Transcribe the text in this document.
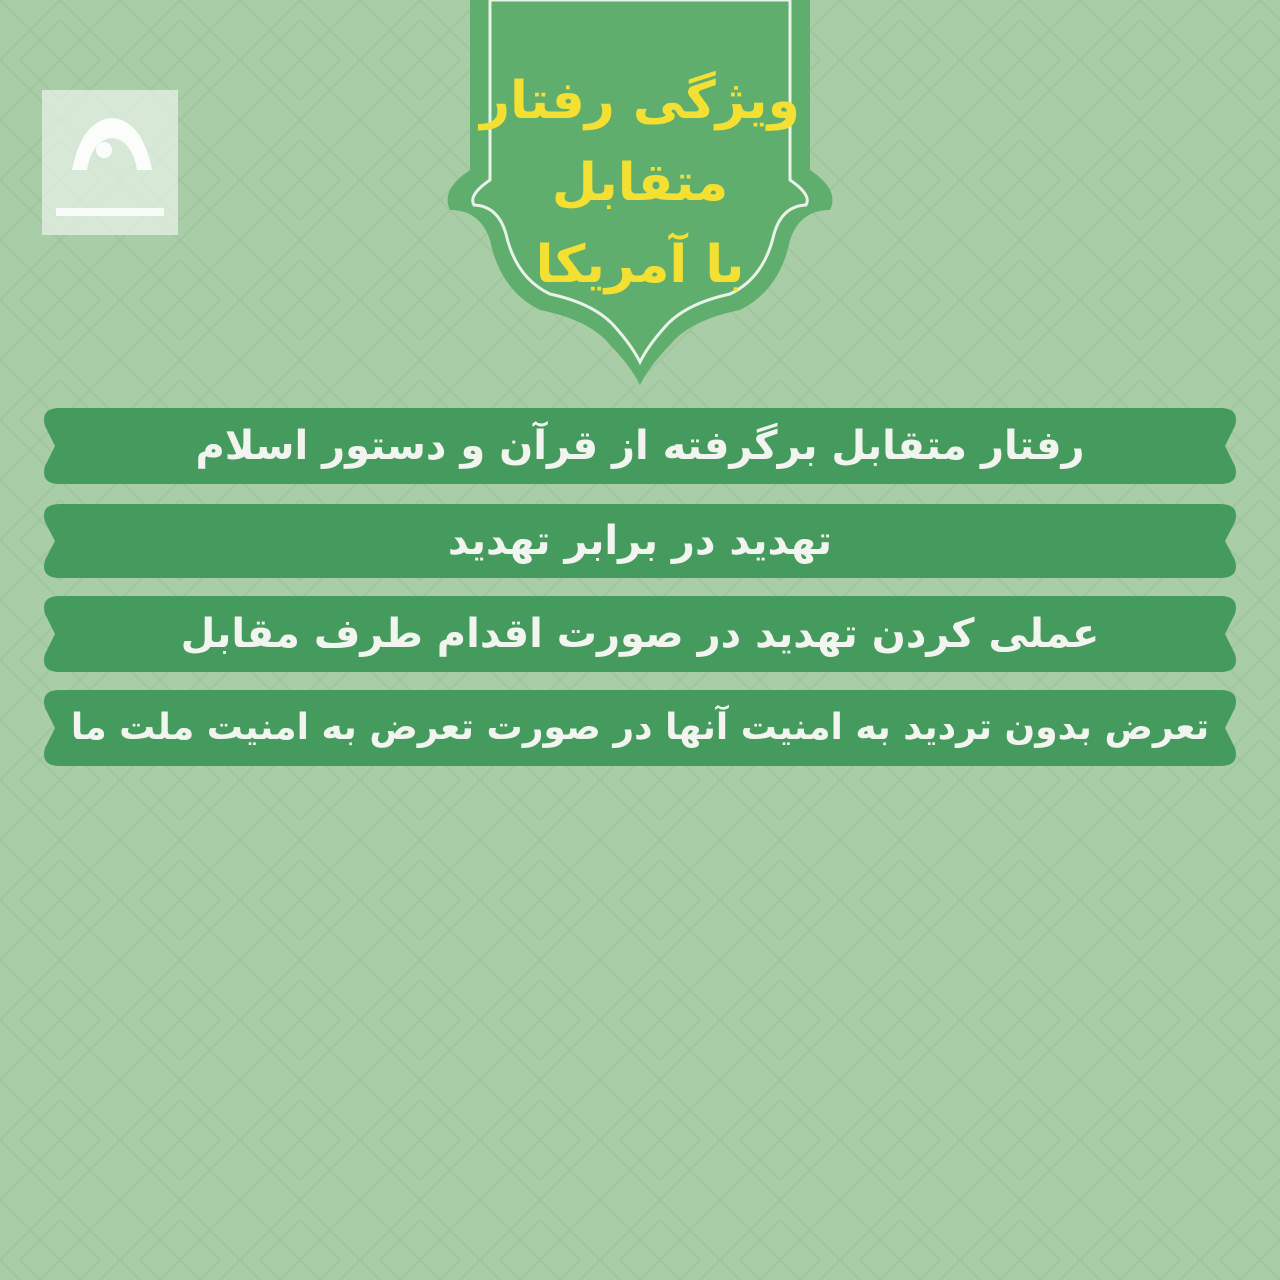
ویژگی رفتار
متقابل
با آمریکا
رفتار متقابل برگرفته از قرآن و دستور اسلام
تهدید در برابر تهدید
عملی کردن تهدید در صورت اقدام طرف مقابل
تعرض بدون تردید به امنیت آنها در صورت تعرض به امنیت ملت ما
